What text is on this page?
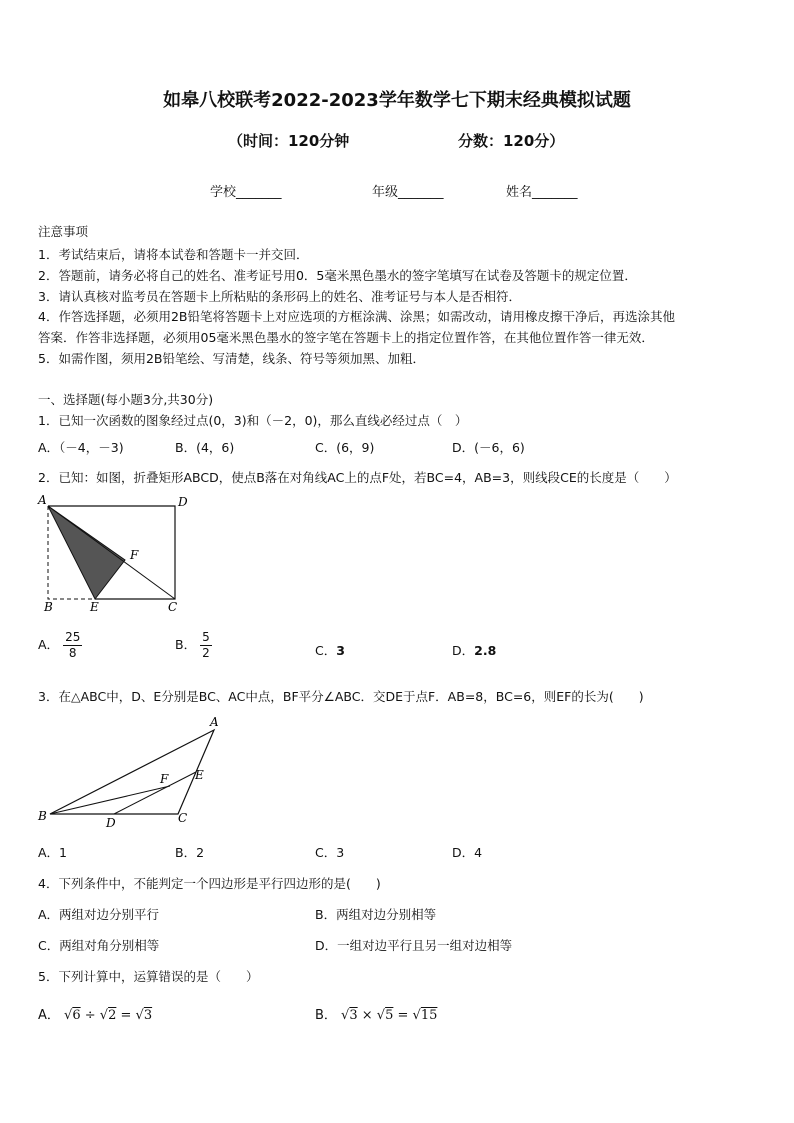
如皋八校联考2022-2023学年数学七下期末经典模拟试题
（时间：120分钟	分数：120分）
学校_______	年级_______	姓名_______
注意事项
1．考试结束后，请将本试卷和答题卡一并交回．
2．答题前，请务必将自己的姓名、准考证号用0．5毫米黑色墨水的签字笔填写在试卷及答题卡的规定位置．
3．请认真核对监考员在答题卡上所粘贴的条形码上的姓名、准考证号与本人是否相符．
4．作答选择题，必须用2B铅笔将答题卡上对应选项的方框涂满、涂黑；如需改动，请用橡皮擦干净后，再选涂其他
答案．作答非选择题，必须用05毫米黑色墨水的签字笔在答题卡上的指定位置作答，在其他位置作答一律无效．
5．如需作图，须用2B铅笔绘、写清楚，线条、符号等须加黑、加粗．
一、选择题(每小题3分,共30分)
1．已知一次函数的图象经过点(0，3)和（－2，0)，那么直线必经过点（　）
A．（－4，－3)	B．(4，6)	C．(6，9)	D．(－6，6)
2．已知：如图，折叠矩形ABCD，使点B落在对角线AC上的点F处，若BC=4，AB=3，则线段CE的长度是（　　）
A	D
F
B	E	C
A． $\frac{25}{8}$	B． $\frac{5}{2}$	C．3	D．2.8
3．在△ABC中，D、E分别是BC、AC中点，BF平分∠ABC．交DE于点F．AB=8，BC=6，则EF的长为(　　)
A
E
F
B	D	C
A．1	B．2	C．3	D．4
4．下列条件中，不能判定一个四边形是平行四边形的是(　　)
A．两组对边分别平行	B．两组对边分别相等
C．两组对角分别相等	D．一组对边平行且另一组对边相等
5．下列计算中，运算错误的是（　　）
A． √6 ÷ √2 = √3	B． √3 × √5 = √15
